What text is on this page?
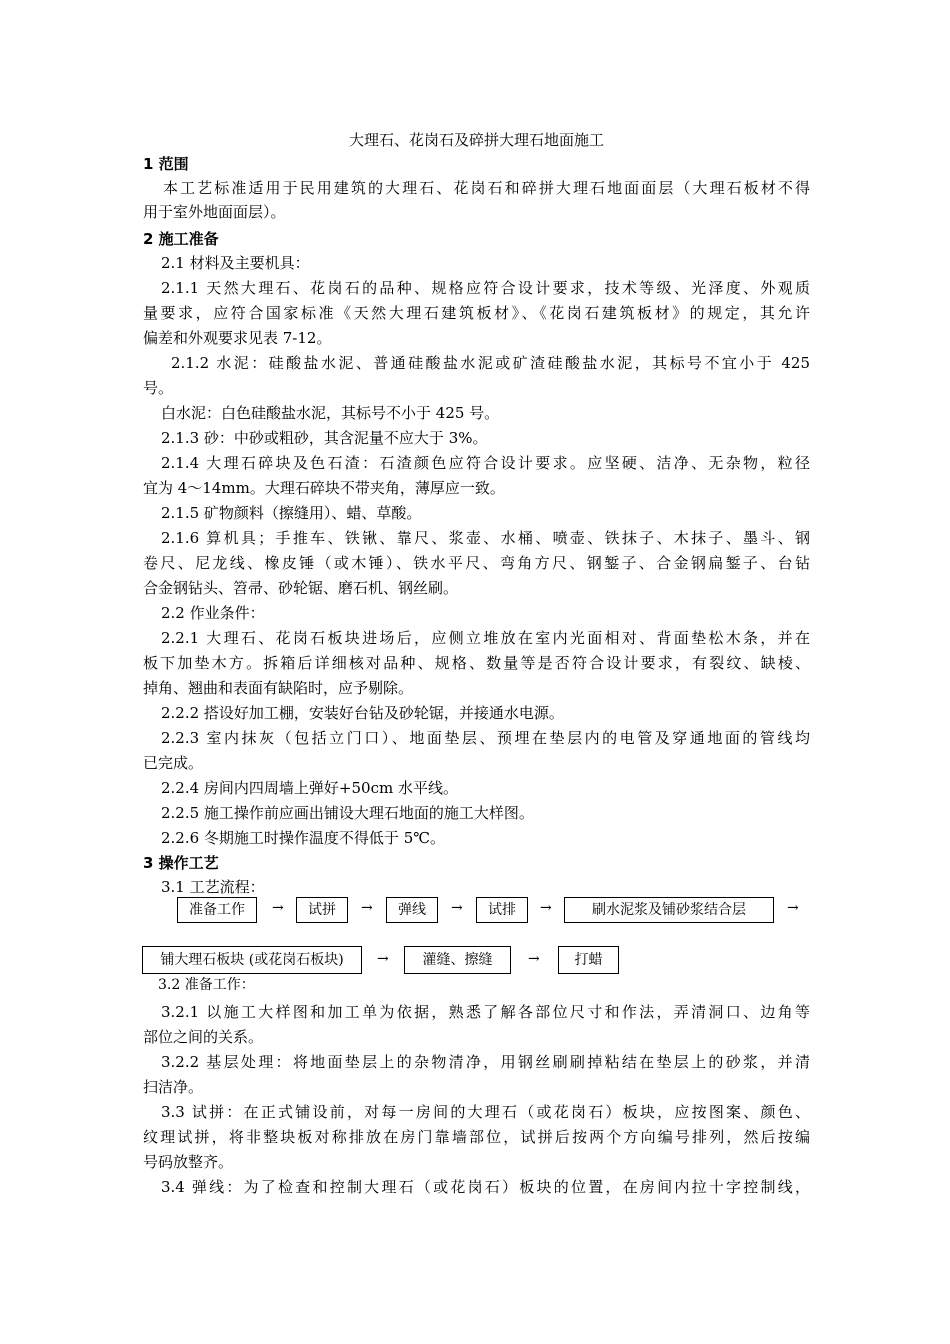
大理石、花岗石及碎拼大理石地面施工
1 范围
本工艺标准适用于民用建筑的大理石、花岗石和碎拼大理石地面面层（大理石板材不得
用于室外地面面层）。
2 施工准备
2.1 材料及主要机具：
2.1.1 天然大理石、花岗石的品种、规格应符合设计要求，技术等级、光泽度、外观质
量要求，应符合国家标准《天然大理石建筑板材》、《花岗石建筑板材》的规定，其允许
偏差和外观要求见表 7-12。
2.1.2 水泥：硅酸盐水泥、普通硅酸盐水泥或矿渣硅酸盐水泥，其标号不宜小于 425
号。
白水泥：白色硅酸盐水泥，其标号不小于 425 号。
2.1.3 砂：中砂或粗砂，其含泥量不应大于 3%。
2.1.4 大理石碎块及色石渣：石渣颜色应符合设计要求。应坚硬、洁净、无杂物，粒径
宜为 4～14mm。大理石碎块不带夹角，薄厚应一致。
2.1.5 矿物颜料（擦缝用）、蜡、草酸。
2.1.6 算机具；手推车、铁锹、靠尺、浆壶、水桶、喷壶、铁抹子、木抹子、墨斗、钢
卷尺、尼龙线、橡皮锤（或木锤）、铁水平尺、弯角方尺、钢錾子、合金钢扁錾子、台钻
合金钢钻头、笤帚、砂轮锯、磨石机、钢丝刷。
2.2 作业条件：
2.2.1 大理石、花岗石板块进场后，应侧立堆放在室内光面相对、背面垫松木条，并在
板下加垫木方。拆箱后详细核对品种、规格、数量等是否符合设计要求，有裂纹、缺棱、
掉角、翘曲和表面有缺陷时，应予剔除。
2.2.2 搭设好加工棚，安装好台钻及砂轮锯，并接通水电源。
2.2.3 室内抹灰（包括立门口）、地面垫层、预埋在垫层内的电管及穿通地面的管线均
已完成。
2.2.4 房间内四周墙上弹好+50cm 水平线。
2.2.5 施工操作前应画出铺设大理石地面的施工大样图。
2.2.6 冬期施工时操作温度不得低于 5℃。
3 操作工艺
3.1 工艺流程：
准备工作	→	试拼	→	弹线	→	试排	→	刷水泥浆及铺砂浆结合层	→
铺大理石板块 (或花岗石板块)	→	灌缝、擦缝	→	打蜡
3.2 准备工作：
3.2.1 以施工大样图和加工单为依据，熟悉了解各部位尺寸和作法，弄清洞口、边角等
部位之间的关系。
3.2.2 基层处理：将地面垫层上的杂物清净，用钢丝刷刷掉粘结在垫层上的砂浆，并清
扫洁净。
3.3 试拼：在正式铺设前，对每一房间的大理石（或花岗石）板块，应按图案、颜色、
纹理试拼，将非整块板对称排放在房门靠墙部位，试拼后按两个方向编号排列，然后按编
号码放整齐。
3.4 弹线：为了检查和控制大理石（或花岗石）板块的位置，在房间内拉十字控制线，
